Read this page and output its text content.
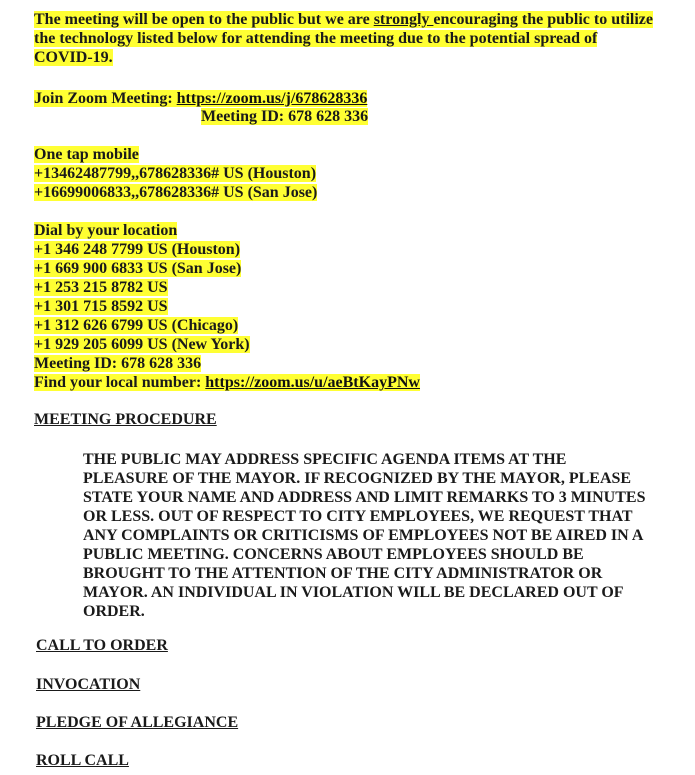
The meeting will be open to the public but we are strongly encouraging the public to utilize
the technology listed below for attending the meeting due to the potential spread of
COVID-19.
Join Zoom Meeting: https://zoom.us/j/678628336
Meeting ID: 678 628 336
One tap mobile
+13462487799,,678628336# US (Houston)
+16699006833,,678628336# US (San Jose)
Dial by your location
+1 346 248 7799 US (Houston)
+1 669 900 6833 US (San Jose)
+1 253 215 8782 US
+1 301 715 8592 US
+1 312 626 6799 US (Chicago)
+1 929 205 6099 US (New York)
Meeting ID: 678 628 336
Find your local number: https://zoom.us/u/aeBtKayPNw
MEETING PROCEDURE
THE PUBLIC MAY ADDRESS SPECIFIC AGENDA ITEMS AT THE
PLEASURE OF THE MAYOR. IF RECOGNIZED BY THE MAYOR, PLEASE
STATE YOUR NAME AND ADDRESS AND LIMIT REMARKS TO 3 MINUTES
OR LESS. OUT OF RESPECT TO CITY EMPLOYEES, WE REQUEST THAT
ANY COMPLAINTS OR CRITICISMS OF EMPLOYEES NOT BE AIRED IN A
PUBLIC MEETING. CONCERNS ABOUT EMPLOYEES SHOULD BE
BROUGHT TO THE ATTENTION OF THE CITY ADMINISTRATOR OR
MAYOR. AN INDIVIDUAL IN VIOLATION WILL BE DECLARED OUT OF
ORDER.
CALL TO ORDER
INVOCATION
PLEDGE OF ALLEGIANCE
ROLL CALL
